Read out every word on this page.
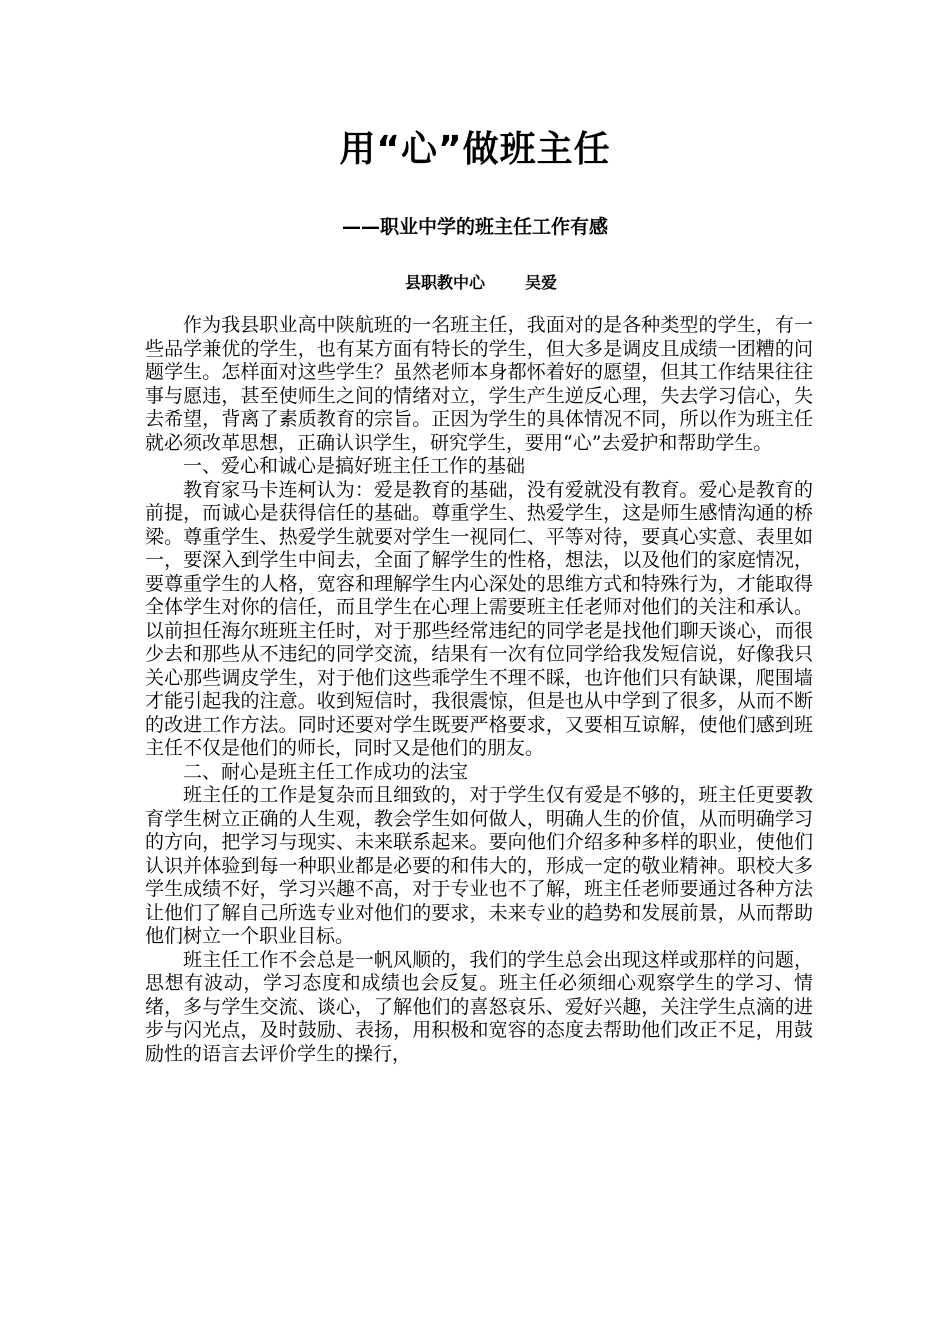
用“心”做班主任
——职业中学的班主任工作有感
县职教中心	吴爱

作为我县职业高中陕航班的一名班主任，我面对的是各种类型的学生，有一些品学兼优的学生，也有某方面有特长的学生，但大多是调皮且成绩一团糟的问题学生。怎样面对这些学生？虽然老师本身都怀着好的愿望，但其工作结果往往事与愿违，甚至使师生之间的情绪对立，学生产生逆反心理，失去学习信心，失去希望，背离了素质教育的宗旨。正因为学生的具体情况不同，所以作为班主任就必须改革思想，正确认识学生，研究学生，要用“心”去爱护和帮助学生。

一、爱心和诚心是搞好班主任工作的基础

教育家马卡连柯认为：爱是教育的基础，没有爱就没有教育。爱心是教育的前提，而诚心是获得信任的基础。尊重学生、热爱学生，这是师生感情沟通的桥梁。尊重学生、热爱学生就要对学生一视同仁、平等对待，要真心实意、表里如一，要深入到学生中间去，全面了解学生的性格，想法，以及他们的家庭情况，要尊重学生的人格，宽容和理解学生内心深处的思维方式和特殊行为，才能取得全体学生对你的信任，而且学生在心理上需要班主任老师对他们的关注和承认。以前担任海尔班班主任时，对于那些经常违纪的同学老是找他们聊天谈心，而很少去和那些从不违纪的同学交流，结果有一次有位同学给我发短信说，好像我只关心那些调皮学生，对于他们这些乖学生不理不睬，也许他们只有缺课，爬围墙才能引起我的注意。收到短信时，我很震惊，但是也从中学到了很多，从而不断的改进工作方法。同时还要对学生既要严格要求，又要相互谅解，使他们感到班主任不仅是他们的师长，同时又是他们的朋友。

二、耐心是班主任工作成功的法宝

班主任的工作是复杂而且细致的，对于学生仅有爱是不够的，班主任更要教育学生树立正确的人生观，教会学生如何做人，明确人生的价值，从而明确学习的方向，把学习与现实、未来联系起来。要向他们介绍多种多样的职业，使他们认识并体验到每一种职业都是必要的和伟大的，形成一定的敬业精神。职校大多学生成绩不好，学习兴趣不高，对于专业也不了解，班主任老师要通过各种方法让他们了解自己所选专业对他们的要求，未来专业的趋势和发展前景，从而帮助他们树立一个职业目标。

班主任工作不会总是一帆风顺的，我们的学生总会出现这样或那样的问题，思想有波动，学习态度和成绩也会反复。班主任必须细心观察学生的学习、情绪，多与学生交流、谈心，了解他们的喜怒哀乐、爱好兴趣，关注学生点滴的进步与闪光点，及时鼓励、表扬，用积极和宽容的态度去帮助他们改正不足，用鼓励性的语言去评价学生的操行，
